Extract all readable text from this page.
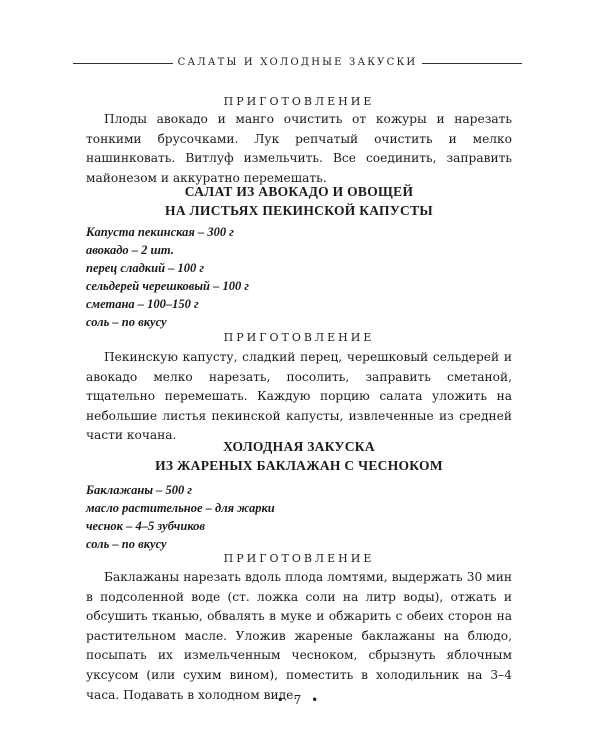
САЛАТЫ И ХОЛОДНЫЕ ЗАКУСКИ
ПРИГОТОВЛЕНИЕ

Плоды авокадо и манго очистить от кожуры и нарезать тонкими брусочками. Лук репчатый очистить и мелко нашинковать. Витлуф измельчить. Все соединить, заправить майонезом и аккуратно перемешать.

САЛАТ ИЗ АВОКАДО И ОВОЩЕЙ
НА ЛИСТЬЯХ ПЕКИНСКОЙ КАПУСТЫ
Капуста пекинская – 300 г
авокадо – 2 шт.
перец сладкий – 100 г
сельдерей черешковый – 100 г
сметана – 100–150 г
соль – по вкусу
ПРИГОТОВЛЕНИЕ

Пекинскую капусту, сладкий перец, черешковый сельдерей и авокадо мелко нарезать, посолить, заправить сметаной, тщательно перемешать. Каждую порцию салата уложить на небольшие листья пекинской капусты, извлеченные из средней части кочана.

ХОЛОДНАЯ ЗАКУСКА
ИЗ ЖАРЕНЫХ БАКЛАЖАН С ЧЕСНОКОМ
Баклажаны – 500 г
масло растительное – для жарки
чеснок – 4–5 зубчиков
соль – по вкусу
ПРИГОТОВЛЕНИЕ

Баклажаны нарезать вдоль плода ломтями, выдержать 30 мин в подсоленной воде (ст. ложка соли на литр воды), отжать и обсушить тканью, обвалять в муке и обжарить с обеих сторон на растительном масле. Уложив жареные баклажаны на блюдо, посыпать их измельченным чесноком, сбрызнуть яблочным уксусом (или сухим вином), поместить в холодильник на 3–4 часа. Подавать в холодном виде.

• 7 •
